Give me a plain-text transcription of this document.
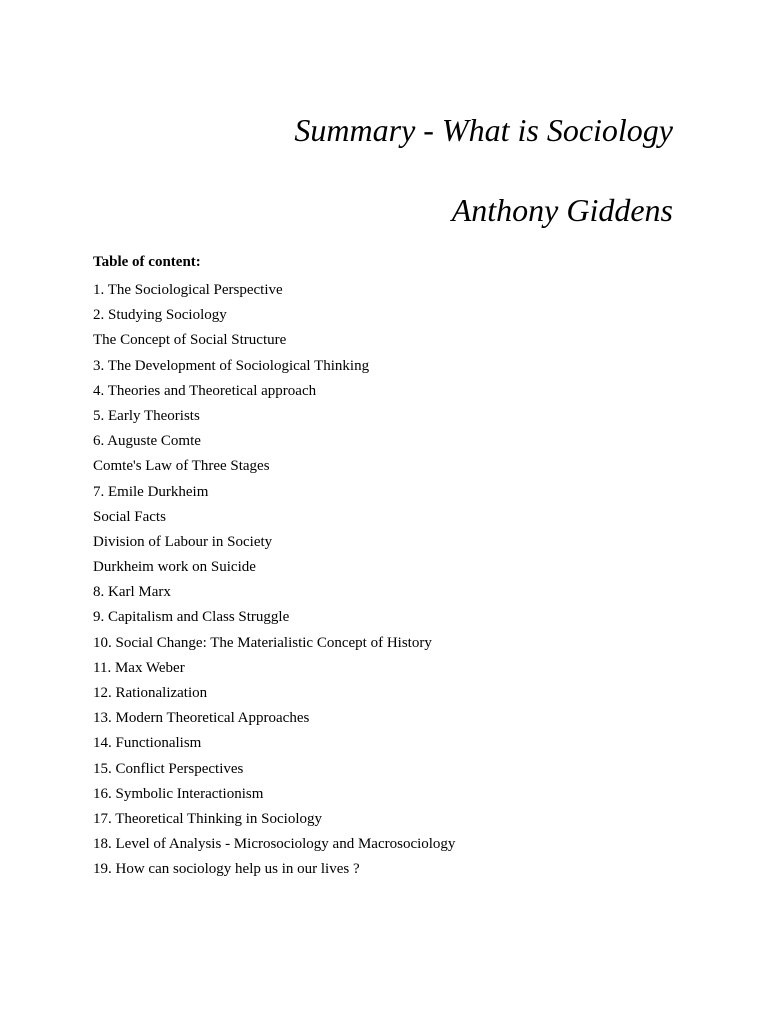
Summary - What is Sociology
Anthony Giddens
Table of content:
1. The Sociological Perspective
2. Studying Sociology
The Concept of Social Structure
3. The Development of Sociological Thinking
4. Theories and Theoretical approach
5. Early Theorists
6. Auguste Comte
Comte's Law of Three Stages
7. Emile Durkheim
Social Facts
Division of Labour in Society
Durkheim work on Suicide
8. Karl Marx
9. Capitalism and Class Struggle
10. Social Change: The Materialistic Concept of History
11. Max Weber
12. Rationalization
13. Modern Theoretical Approaches
14. Functionalism
15. Conflict Perspectives
16. Symbolic Interactionism
17. Theoretical Thinking in Sociology
18. Level of Analysis - Microsociology and Macrosociology
19. How can sociology help us in our lives ?
